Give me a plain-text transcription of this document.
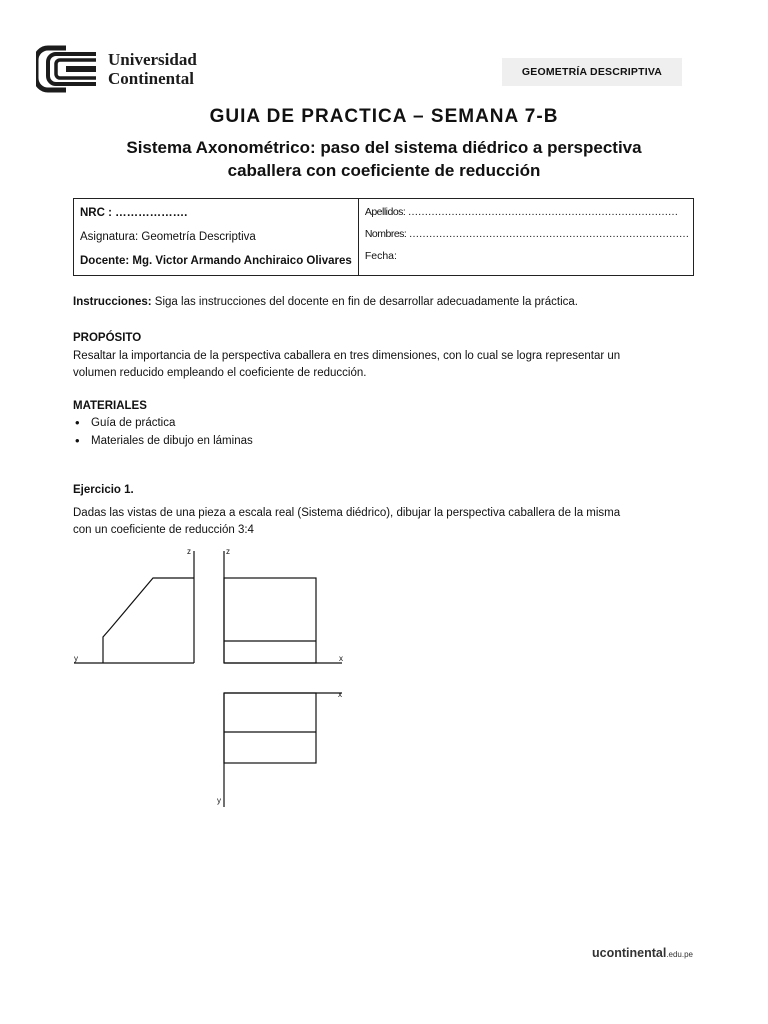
Universidad
Continental	GEOMETRÍA DESCRIPTIVA
GUIA DE PRACTICA – SEMANA 7-B
Sistema Axonométrico: paso del sistema diédrico a perspectiva
caballera con coeficiente de reducción
NRC : ……………….
Asignatura: Geometría Descriptiva
Docente: Mg. Victor Armando Anchiraico Olivares
Apellidos: ………………………………………………………………………
Nombres: …………………………………………………………………………
Fecha:
Instrucciones: Siga las instrucciones del docente en fin de desarrollar adecuadamente la práctica.
PROPÓSITO
Resaltar la importancia de la perspectiva caballera en tres dimensiones, con lo cual se logra representar un
volumen reducido empleando el coeficiente de reducción.
MATERIALES
• Guía de práctica
• Materiales de dibujo en láminas
Ejercicio 1.
Dadas las vistas de una pieza a escala real (Sistema diédrico), dibujar la perspectiva caballera de la misma
con un coeficiente de reducción 3:4
z	z
y	x
x
y
ucontinental.edu.pe
